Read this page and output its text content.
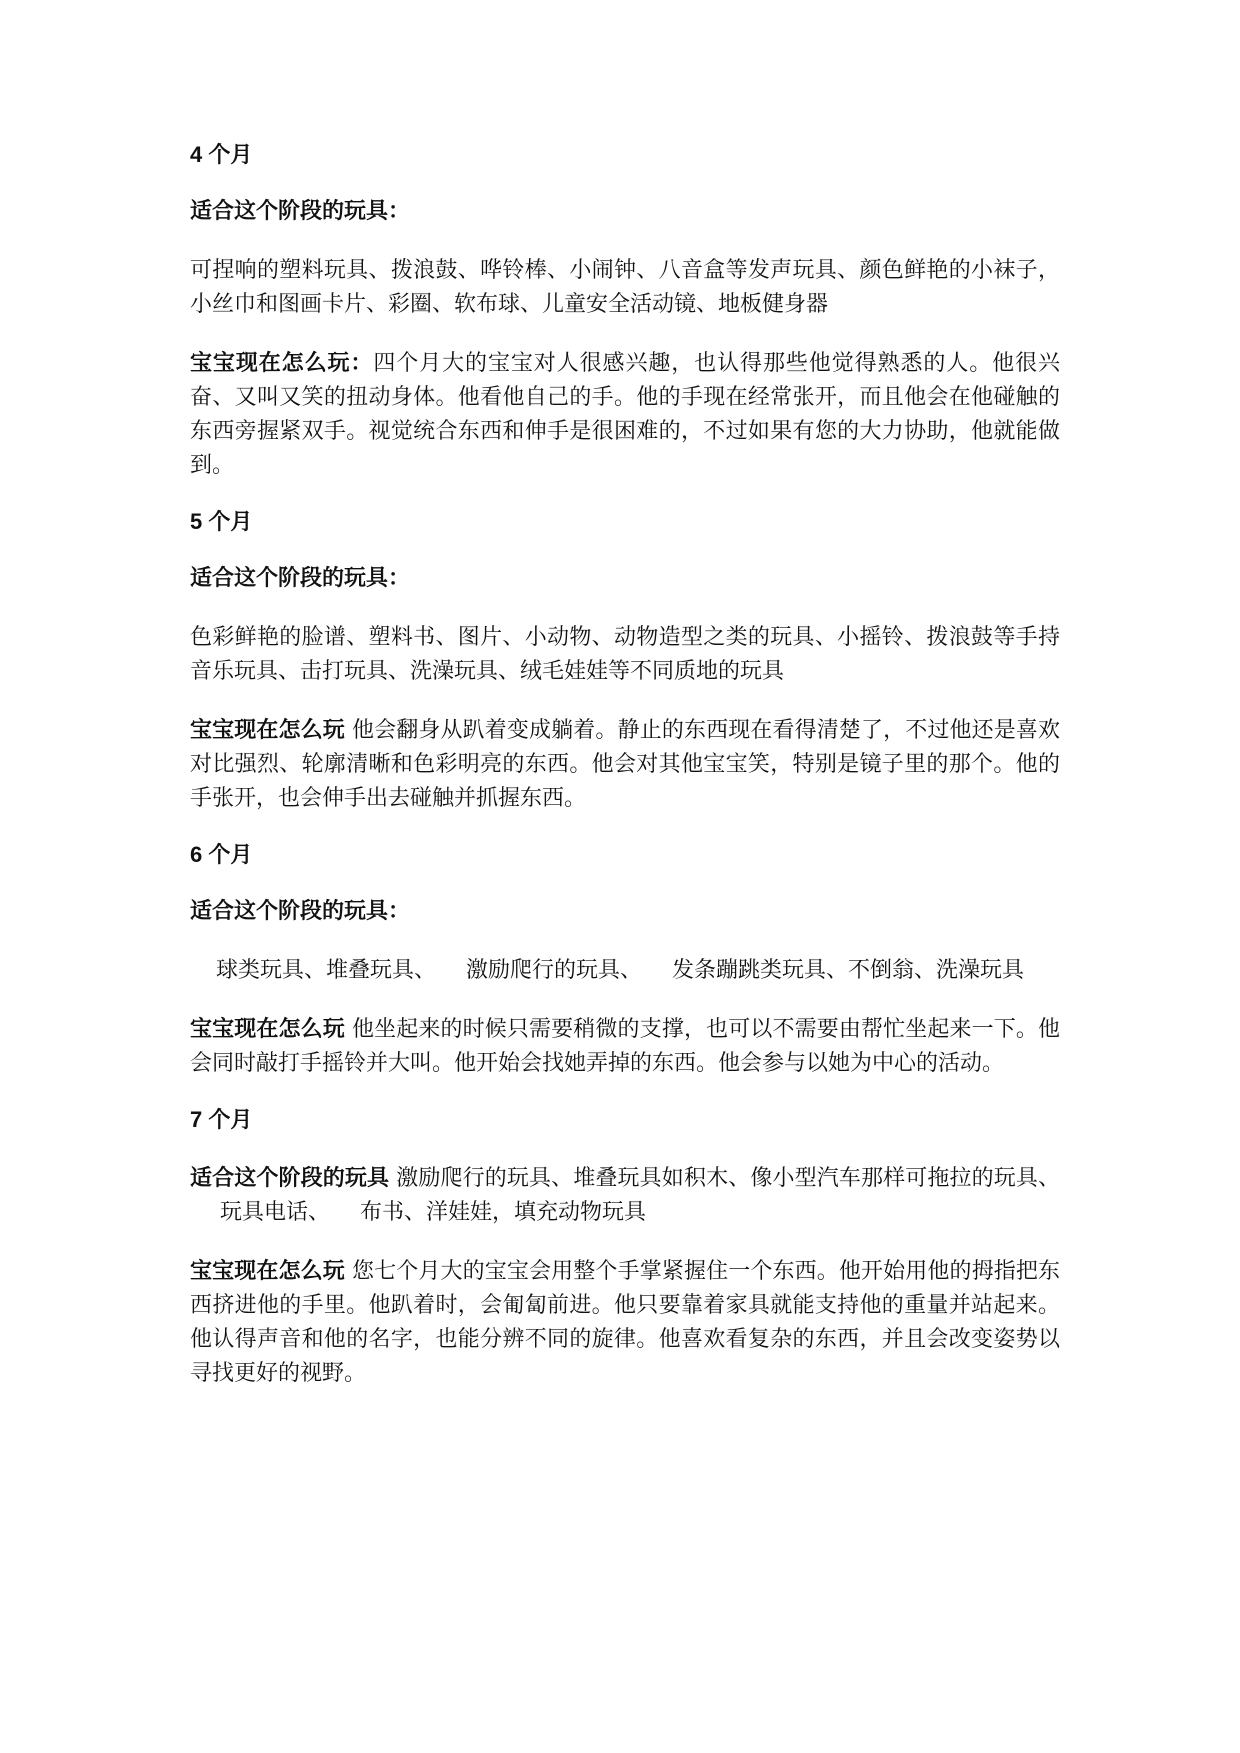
4 个月

适合这个阶段的玩具：

可捏响的塑料玩具、拨浪鼓、哗铃棒、小闹钟、八音盒等发声玩具、颜色鲜艳的小袜子，小丝巾和图画卡片、彩圈、软布球、儿童安全活动镜、地板健身器

宝宝现在怎么玩：四个月大的宝宝对人很感兴趣，也认得那些他觉得熟悉的人。他很兴奋、又叫又笑的扭动身体。他看他自己的手。他的手现在经常张开，而且他会在他碰触的东西旁握紧双手。视觉统合东西和伸手是很困难的，不过如果有您的大力协助，他就能做到。

5 个月

适合这个阶段的玩具：

色彩鲜艳的脸谱、塑料书、图片、小动物、动物造型之类的玩具、小摇铃、拨浪鼓等手持音乐玩具、击打玩具、洗澡玩具、绒毛娃娃等不同质地的玩具

宝宝现在怎么玩 他会翻身从趴着变成躺着。静止的东西现在看得清楚了，不过他还是喜欢对比强烈、轮廓清晰和色彩明亮的东西。他会对其他宝宝笑，特别是镜子里的那个。他的手张开，也会伸手出去碰触并抓握东西。

6 个月

适合这个阶段的玩具：

球类玩具、堆叠玩具、 激励爬行的玩具、 发条蹦跳类玩具、不倒翁、洗澡玩具

宝宝现在怎么玩 他坐起来的时候只需要稍微的支撑，也可以不需要由帮忙坐起来一下。他会同时敲打手摇铃并大叫。他开始会找她弄掉的东西。他会参与以她为中心的活动。

7 个月

适合这个阶段的玩具 激励爬行的玩具、堆叠玩具如积木、像小型汽车那样可拖拉的玩具、玩具电话、 布书、洋娃娃，填充动物玩具

宝宝现在怎么玩 您七个月大的宝宝会用整个手掌紧握住一个东西。他开始用他的拇指把东西挤进他的手里。他趴着时，会匍匐前进。他只要靠着家具就能支持他的重量并站起来。他认得声音和他的名字，也能分辨不同的旋律。他喜欢看复杂的东西，并且会改变姿势以寻找更好的视野。
